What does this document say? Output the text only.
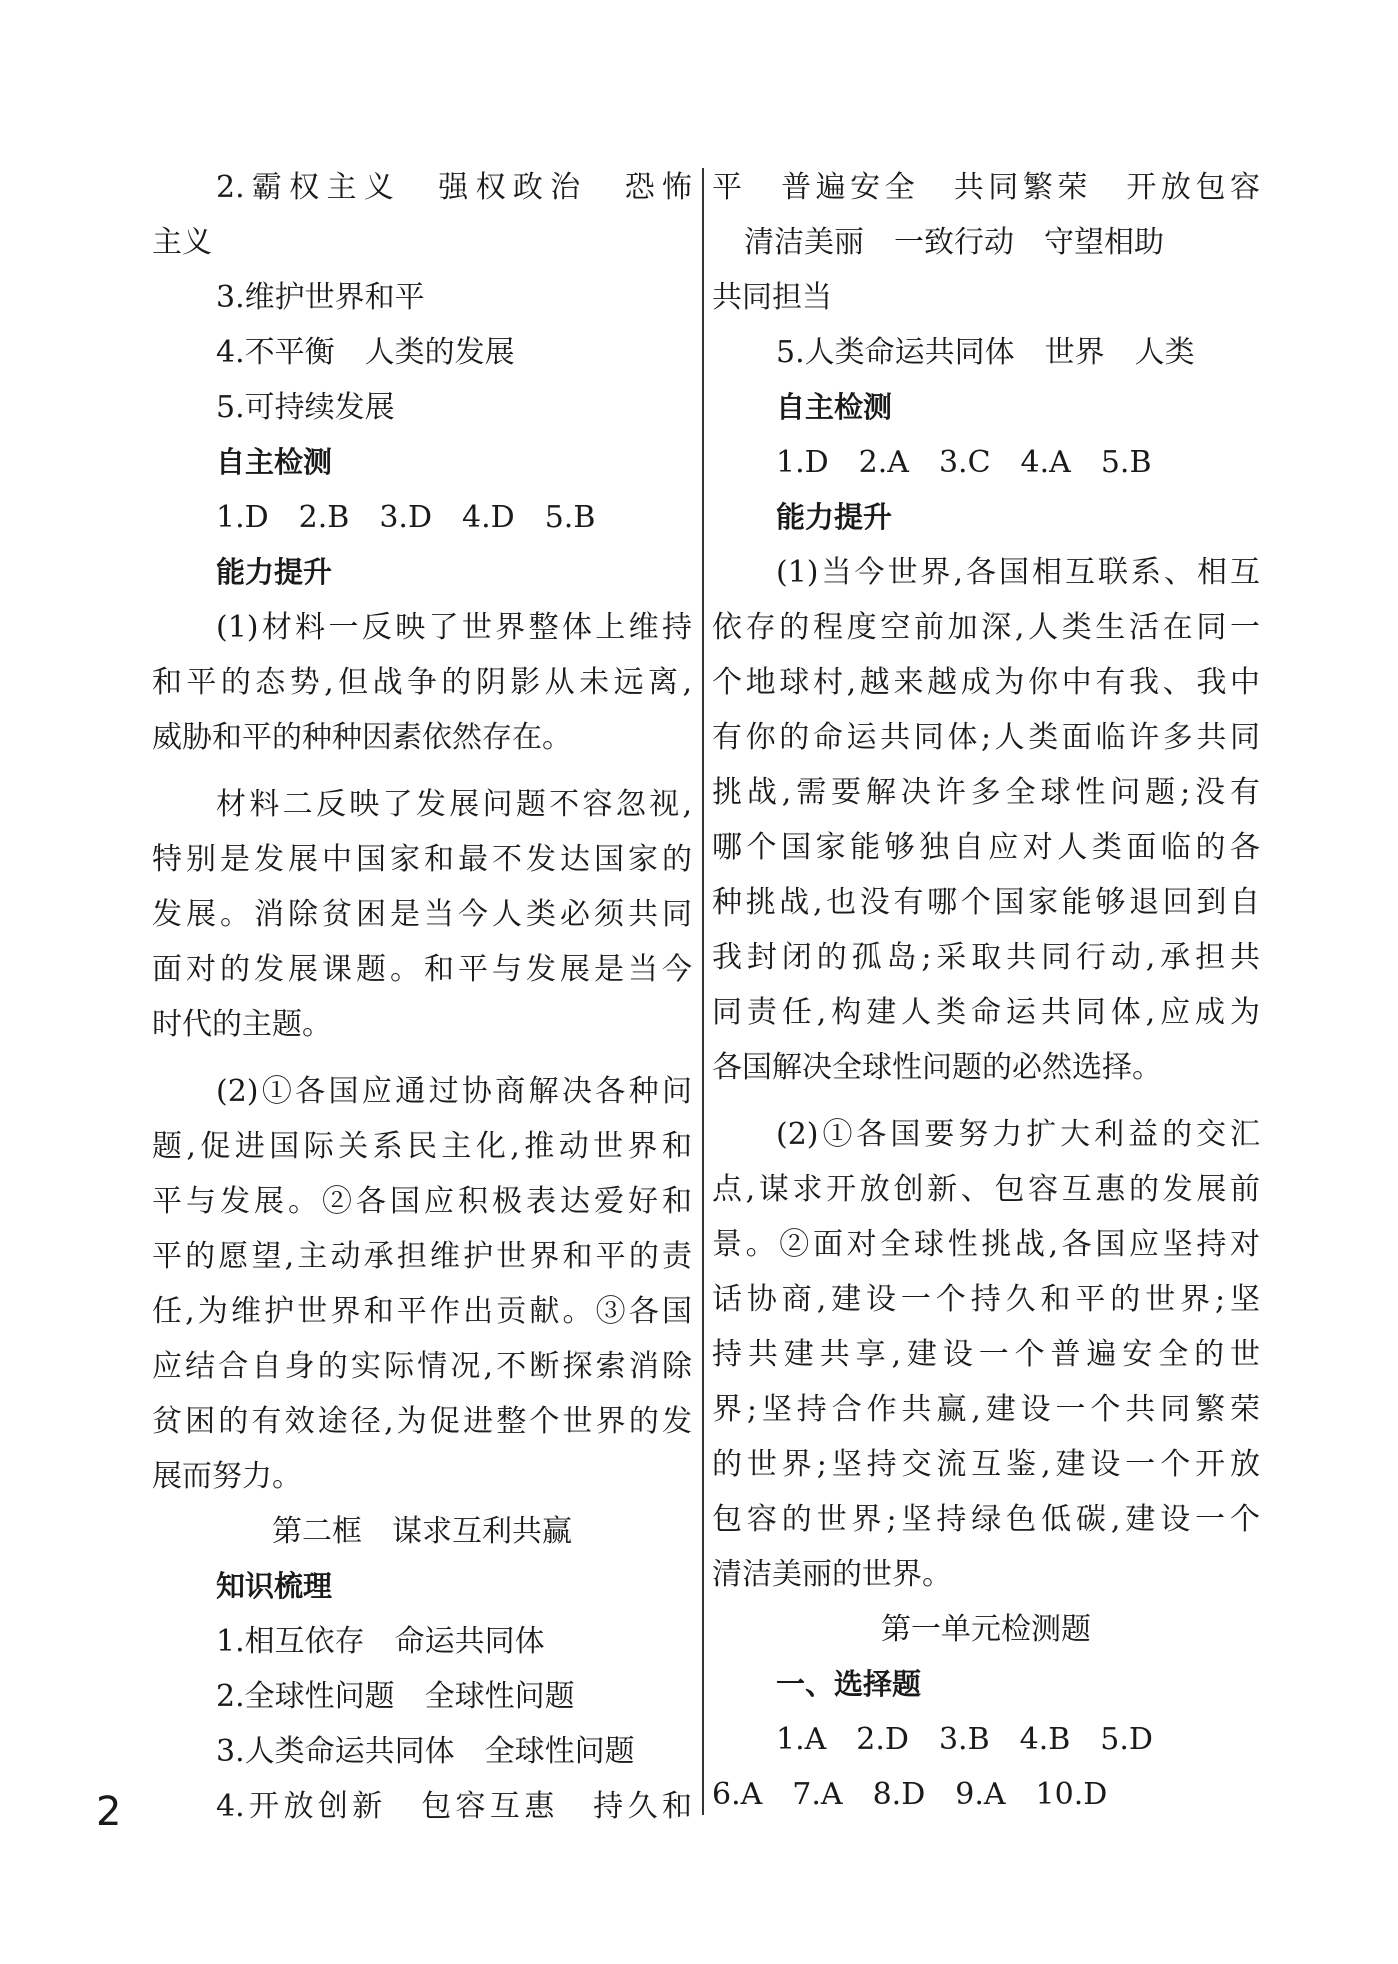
2.霸权主义　强权政治　恐怖
主义
3.维护世界和平
4.不平衡　人类的发展
5.可持续发展
自主检测
1.D　2.B　3.D　4.D　5.B
能力提升
(1)材料一反映了世界整体上维持
和平的态势,但战争的阴影从未远离,
威胁和平的种种因素依然存在。
材料二反映了发展问题不容忽视,
特别是发展中国家和最不发达国家的
发展。消除贫困是当今人类必须共同
面对的发展课题。和平与发展是当今
时代的主题。
(2)①各国应通过协商解决各种问
题,促进国际关系民主化,推动世界和
平与发展。②各国应积极表达爱好和
平的愿望,主动承担维护世界和平的责
任,为维护世界和平作出贡献。③各国
应结合自身的实际情况,不断探索消除
贫困的有效途径,为促进整个世界的发
展而努力。
第二框　谋求互利共赢
知识梳理
1.相互依存　命运共同体
2.全球性问题　全球性问题
3.人类命运共同体　全球性问题
4.开放创新　包容互惠　持久和
平　普遍安全　共同繁荣　开放包容
清洁美丽　一致行动　守望相助
共同担当
5.人类命运共同体　世界　人类
自主检测
1.D　2.A　3.C　4.A　5.B
能力提升
(1)当今世界,各国相互联系、相互
依存的程度空前加深,人类生活在同一
个地球村,越来越成为你中有我、我中
有你的命运共同体;人类面临许多共同
挑战,需要解决许多全球性问题;没有
哪个国家能够独自应对人类面临的各
种挑战,也没有哪个国家能够退回到自
我封闭的孤岛;采取共同行动,承担共
同责任,构建人类命运共同体,应成为
各国解决全球性问题的必然选择。
(2)①各国要努力扩大利益的交汇
点,谋求开放创新、包容互惠的发展前
景。②面对全球性挑战,各国应坚持对
话协商,建设一个持久和平的世界;坚
持共建共享,建设一个普遍安全的世
界;坚持合作共赢,建设一个共同繁荣
的世界;坚持交流互鉴,建设一个开放
包容的世界;坚持绿色低碳,建设一个
清洁美丽的世界。
第一单元检测题
一、选择题
1.A　2.D　3.B　4.B　5.D
6.A　7.A　8.D　9.A　10.D
2
